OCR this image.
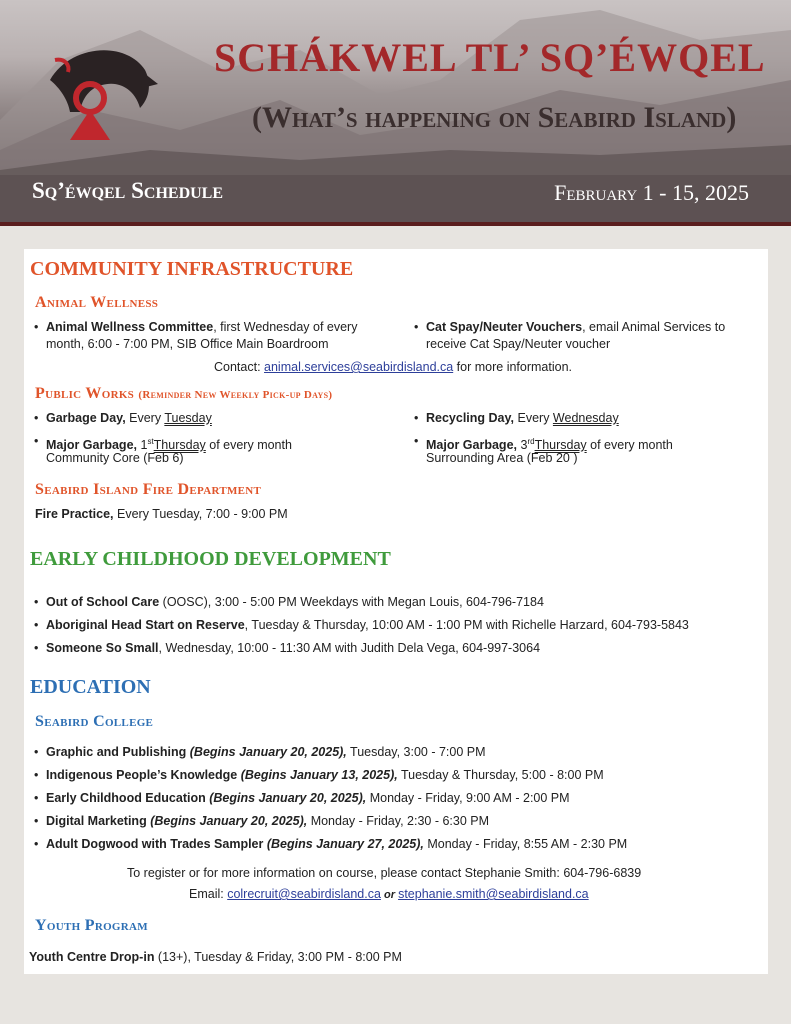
SCHÁKWEL TL’ SQ’ÉWQEL
(What’s happening on Seabird Island)
Sq’éwqel Schedule	February 1 - 15, 2025
COMMUNITY INFRASTRUCTURE
Animal Wellness
• Animal Wellness Committee, first Wednesday of every
month, 6:00 - 7:00 PM, SIB Office Main Boardroom
• Cat Spay/Neuter Vouchers, email Animal Services to
receive Cat Spay/Neuter voucher
Contact: animal.services@seabirdisland.ca for more information.
Public Works (Reminder New Weekly Pick-up Days)
• Garbage Day, Every Tuesday
•	Recycling Day, Every Wednesday
• Major Garbage, 1stThursday of every month
Community Core (Feb 6)
• Major Garbage, 3rdThursday of every month
Surrounding Area (Feb 20 )
Seabird Island Fire Department
Fire Practice, Every Tuesday, 7:00 - 9:00 PM
EARLY CHILDHOOD DEVELOPMENT
• Out of School Care (OOSC), 3:00 - 5:00 PM Weekdays with Megan Louis, 604-796-7184
• Aboriginal Head Start on Reserve, Tuesday & Thursday, 10:00 AM - 1:00 PM with Richelle Harzard, 604-793-5843
• Someone So Small, Wednesday, 10:00 - 11:30 AM with Judith Dela Vega, 604-997-3064
EDUCATION
Seabird College
• Graphic and Publishing (Begins January 20, 2025), Tuesday, 3:00 - 7:00 PM
• Indigenous People’s Knowledge (Begins January 13, 2025), Tuesday & Thursday, 5:00 - 8:00 PM
• Early Childhood Education (Begins January 20, 2025), Monday - Friday, 9:00 AM - 2:00 PM
• Digital Marketing (Begins January 20, 2025), Monday - Friday, 2:30 - 6:30 PM
• Adult Dogwood with Trades Sampler (Begins January 27, 2025), Monday - Friday, 8:55 AM - 2:30 PM
To register or for more information on course, please contact Stephanie Smith: 604-796-6839
Email: colrecruit@seabirdisland.ca or stephanie.smith@seabirdisland.ca
Youth Program
Youth Centre Drop-in (13+), Tuesday & Friday, 3:00 PM - 8:00 PM
